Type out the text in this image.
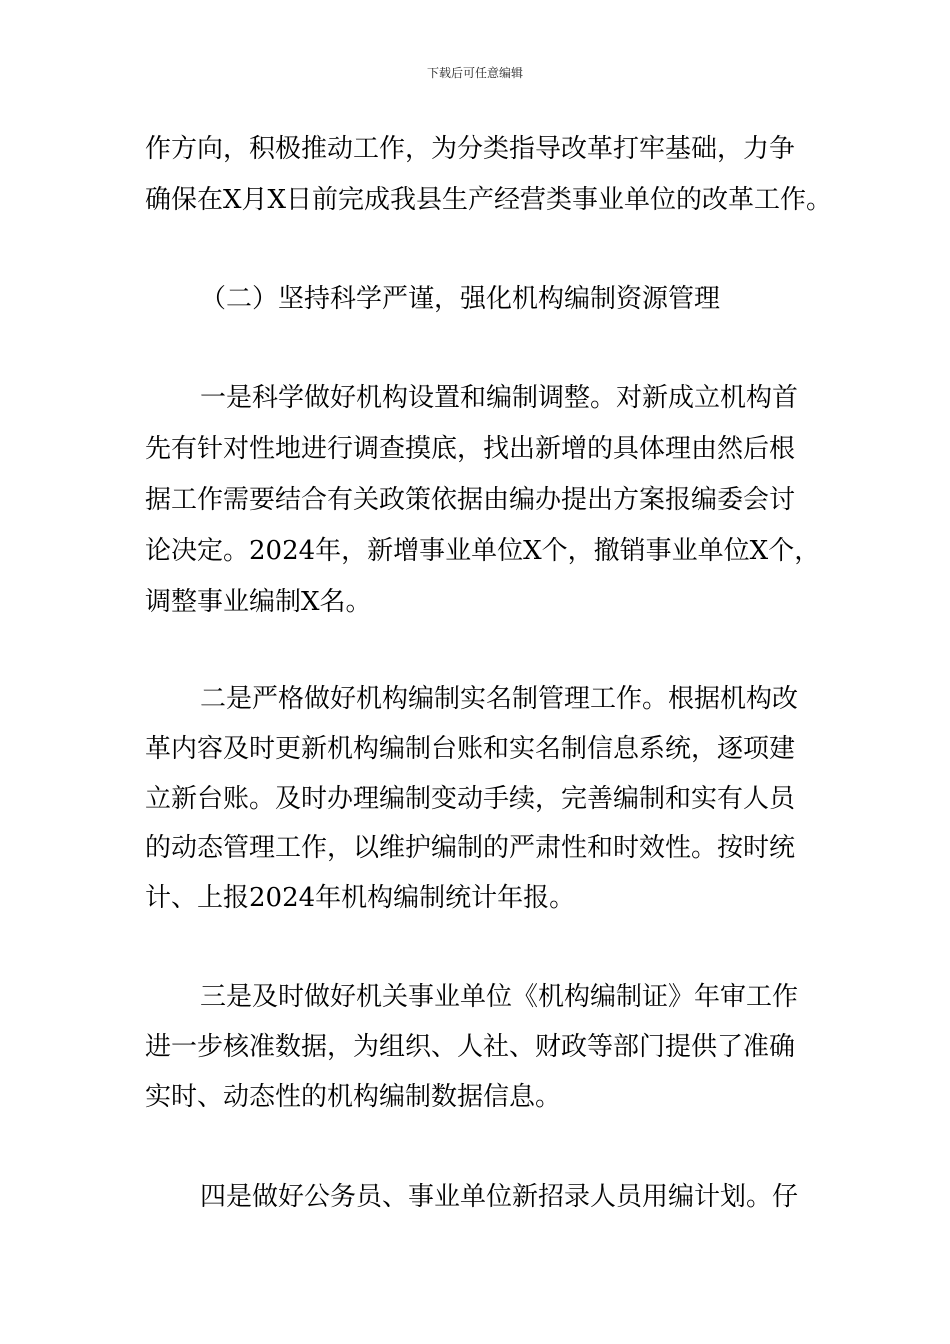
下载后可任意编辑
作方向，积极推动工作，为分类指导改革打牢基础，力争
确保在X月X日前完成我县生产经营类事业单位的改革工作。
（二）坚持科学严谨，强化机构编制资源管理
一是科学做好机构设置和编制调整。对新成立机构首
先有针对性地进行调查摸底，找出新增的具体理由然后根
据工作需要结合有关政策依据由编办提出方案报编委会讨
论决定。2024年，新增事业单位X个，撤销事业单位X个，
调整事业编制X名。
二是严格做好机构编制实名制管理工作。根据机构改
革内容及时更新机构编制台账和实名制信息系统，逐项建
立新台账。及时办理编制变动手续，完善编制和实有人员
的动态管理工作，以维护编制的严肃性和时效性。按时统
计、上报2024年机构编制统计年报。
三是及时做好机关事业单位《机构编制证》年审工作
进一步核准数据，为组织、人社、财政等部门提供了准确
实时、动态性的机构编制数据信息。
四是做好公务员、事业单位新招录人员用编计划。仔
